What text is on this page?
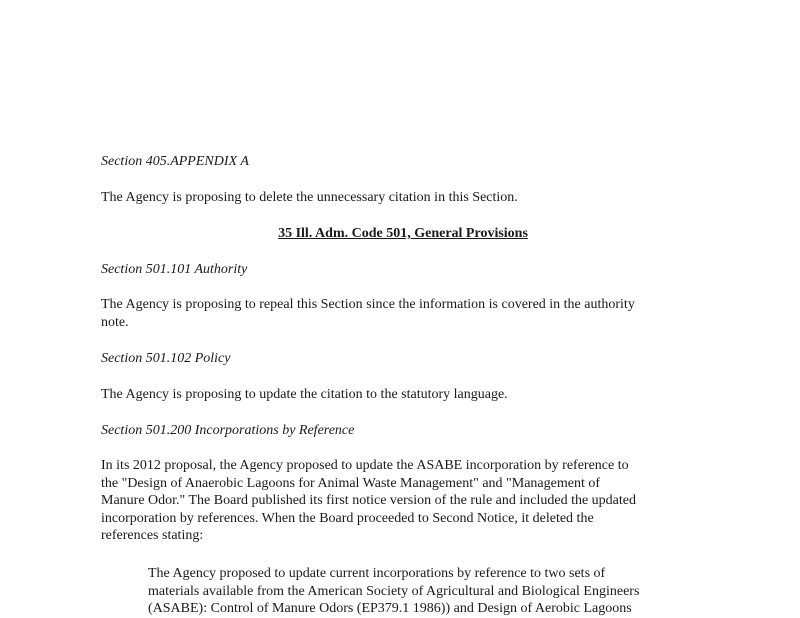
Section 405.APPENDIX A
The Agency is proposing to delete the unnecessary citation in this Section.
35 Ill. Adm. Code 501, General Provisions
Section 501.101 Authority
The Agency is proposing to repeal this Section since the information is covered in the authority
note.
Section 501.102 Policy
The Agency is proposing to update the citation to the statutory language.
Section 501.200 Incorporations by Reference
In its 2012 proposal, the Agency proposed to update the ASABE incorporation by reference to
the "Design of Anaerobic Lagoons for Animal Waste Management" and "Management of
Manure Odor." The Board published its first notice version of the rule and included the updated
incorporation by references. When the Board proceeded to Second Notice, it deleted the
references stating:
The Agency proposed to update current incorporations by reference to two sets of
materials available from the American Society of Agricultural and Biological Engineers
(ASABE): Control of Manure Odors (EP379.1 1986)) and Design of Aerobic Lagoons
